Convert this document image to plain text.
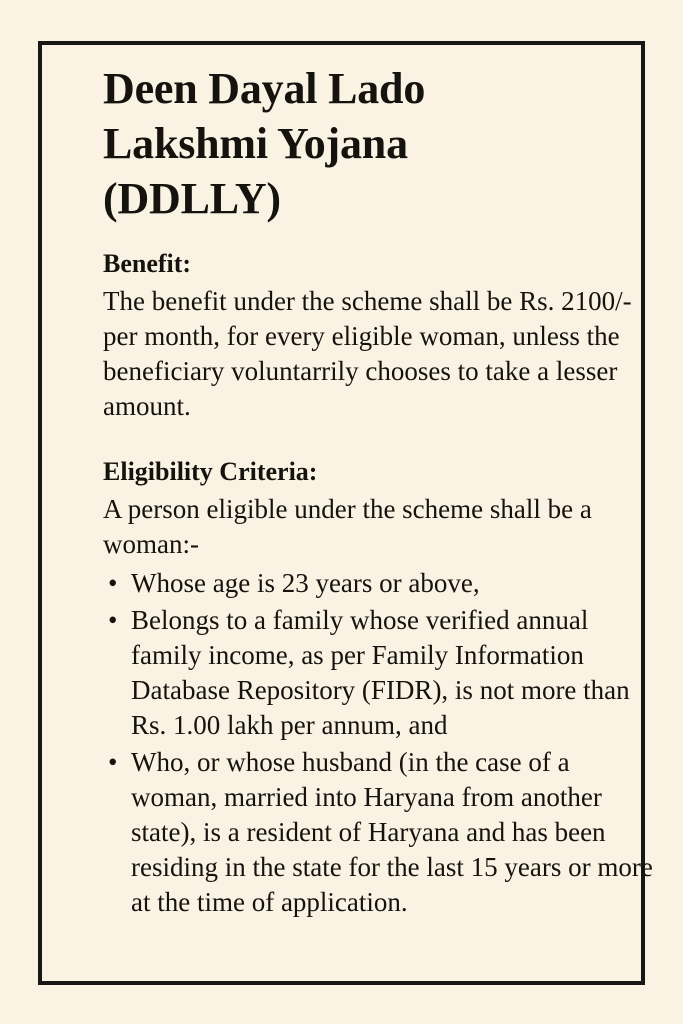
Deen Dayal Lado Lakshmi Yojana (DDLLY)
Benefit:

The benefit under the scheme shall be Rs. 2100/- per month, for every eligible woman, unless the beneficiary voluntarrily chooses to take a lesser amount.

Eligibility Criteria:

A person eligible under the scheme shall be a woman:-

• Whose age is 23 years or above,
• Belongs to a family whose verified annual family income, as per Family Information Database Repository (FIDR), is not more than Rs. 1.00 lakh per annum, and
• Who, or whose husband (in the case of a woman, married into Haryana from another state), is a resident of Haryana and has been residing in the state for the last 15 years or more at the time of application.
